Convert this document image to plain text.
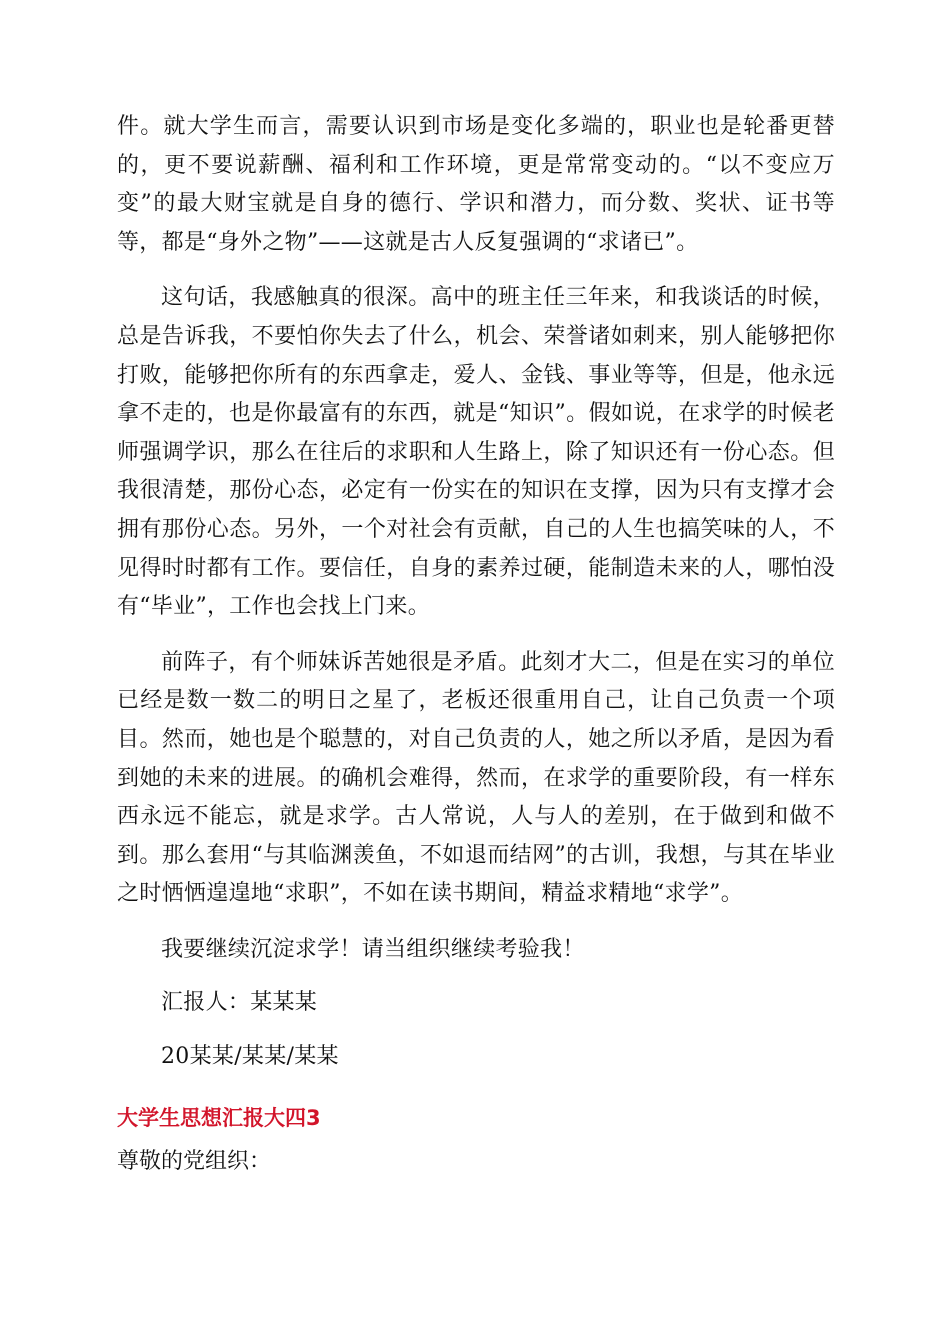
件。就大学生而言，需要认识到市场是变化多端的，职业也是轮番更替的，更不要说薪酬、福利和工作环境，更是常常变动的。“以不变应万变”的最大财宝就是自身的德行、学识和潜力，而分数、奖状、证书等等，都是“身外之物”——这就是古人反复强调的“求诸已”。

这句话，我感触真的很深。高中的班主任三年来，和我谈话的时候，总是告诉我，不要怕你失去了什么，机会、荣誉诸如刺来，别人能够把你打败，能够把你所有的东西拿走，爱人、金钱、事业等等，但是，他永远拿不走的，也是你最富有的东西，就是“知识”。假如说，在求学的时候老师强调学识，那么在往后的求职和人生路上，除了知识还有一份心态。但我很清楚，那份心态，必定有一份实在的知识在支撑，因为只有支撑才会拥有那份心态。另外，一个对社会有贡献，自己的人生也搞笑味的人，不见得时时都有工作。要信任，自身的素养过硬，能制造未来的人，哪怕没有“毕业”，工作也会找上门来。

前阵子，有个师妹诉苦她很是矛盾。此刻才大二，但是在实习的单位已经是数一数二的明日之星了，老板还很重用自己，让自己负责一个项目。然而，她也是个聪慧的，对自己负责的人，她之所以矛盾，是因为看到她的未来的进展。的确机会难得，然而，在求学的重要阶段，有一样东西永远不能忘，就是求学。古人常说，人与人的差别，在于做到和做不到。那么套用“与其临渊羡鱼，不如退而结网”的古训，我想，与其在毕业之时恓恓遑遑地“求职”，不如在读书期间，精益求精地“求学”。

我要继续沉淀求学！请当组织继续考验我！

汇报人：某某某

20某某/某某/某某

大学生思想汇报大四3

尊敬的党组织：
